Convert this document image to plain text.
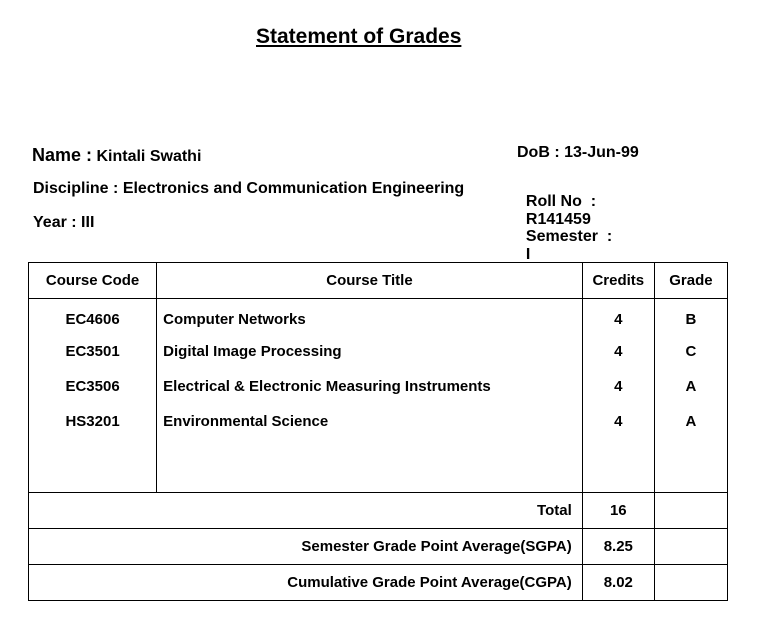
Statement of Grades
Name : Kintali Swathi
Discipline : Electronics and Communication Engineering
Year : III
DoB : 13-Jun-99

Roll No  :
R141459

Semester  :
I

Course Code	Course Title	Credits	Grade
EC4606	Computer Networks	4	B
EC3501	Digital Image Processing	4	C
EC3506	Electrical & Electronic Measuring Instruments	4	A
HS3201	Environmental Science	4	A

Total		16	
Semester Grade Point Average(SGPA)		8.25	
Cumulative Grade Point Average(CGPA)		8.02	
